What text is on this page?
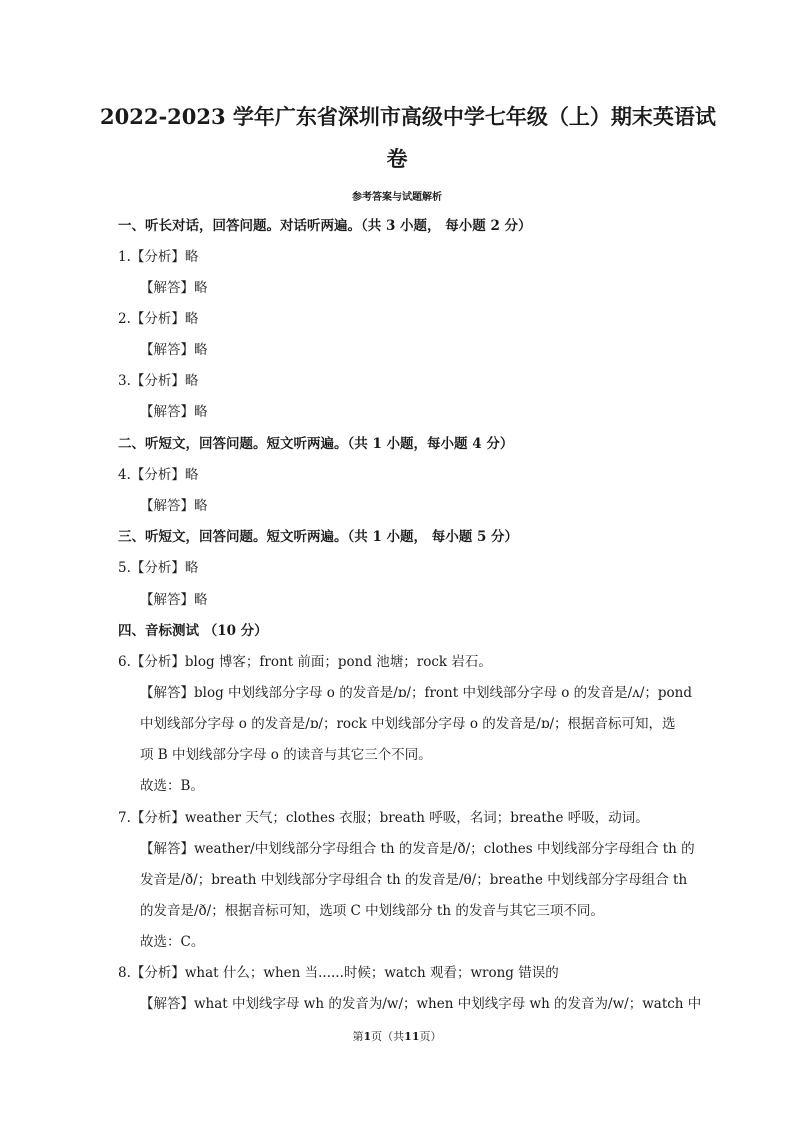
2022-2023 学年广东省深圳市高级中学七年级（上）期末英语试
卷
参考答案与试题解析
一、听长对话，回答问题。对话听两遍。（共 3 小题， 每小题 2 分）
1.【分析】略
【解答】略
2.【分析】略
【解答】略
3.【分析】略
【解答】略
二、听短文，回答问题。短文听两遍。（共 1 小题，每小题 4 分）
4.【分析】略
【解答】略
三、听短文，回答问题。短文听两遍。（共 1 小题， 每小题 5 分）
5.【分析】略
【解答】略
四、音标测试 （10 分）
6.【分析】blog 博客；front 前面；pond 池塘；rock 岩石。
【解答】blog 中划线部分字母 o 的发音是/ɒ/；front 中划线部分字母 o 的发音是/ʌ/；pond
中划线部分字母 o 的发音是/ɒ/；rock 中划线部分字母 o 的发音是/ɒ/；根据音标可知，选
项 B 中划线部分字母 o 的读音与其它三个不同。
故选：B。
7.【分析】weather 天气；clothes 衣服；breath 呼吸，名词；breathe 呼吸，动词。
【解答】weather/中划线部分字母组合 th 的发音是/ð/；clothes 中划线部分字母组合 th 的
发音是/ð/；breath 中划线部分字母组合 th 的发音是/θ/；breathe 中划线部分字母组合 th
的发音是/ð/；根据音标可知，选项 C 中划线部分 th 的发音与其它三项不同。
故选：C。
8.【分析】what 什么；when 当......时候；watch 观看；wrong 错误的
【解答】what 中划线字母 wh 的发音为/w/；when 中划线字母 wh 的发音为/w/；watch 中
第1页（共11页）
